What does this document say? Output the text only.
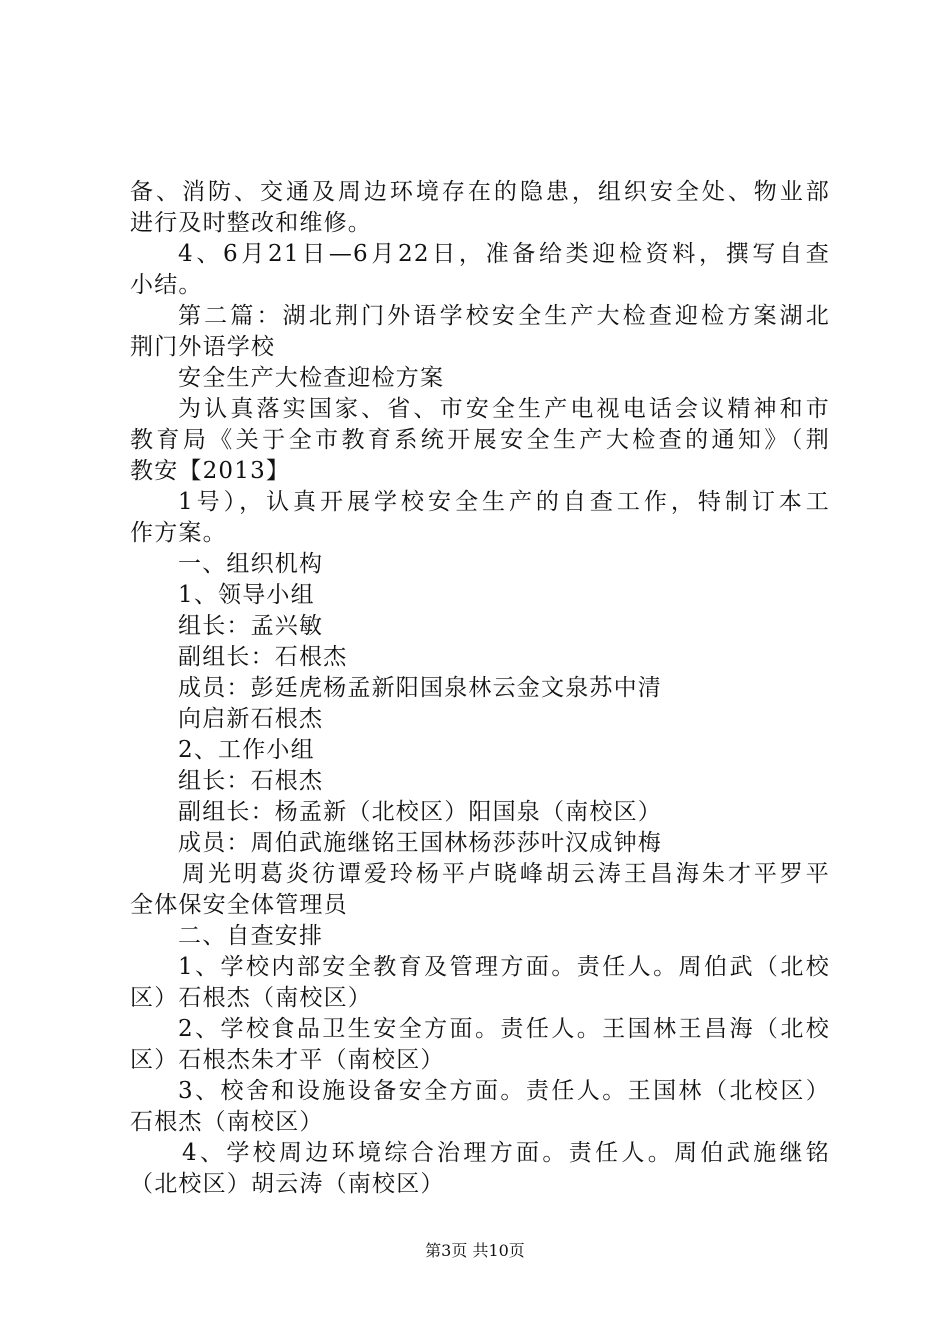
备、消防、交通及周边环境存在的隐患，组织安全处、物业部
进行及时整改和维修。
4、6月21日—6月22日，准备给类迎检资料，撰写自查
小结。
第二篇：湖北荆门外语学校安全生产大检查迎检方案湖北
荆门外语学校
安全生产大检查迎检方案
为认真落实国家、省、市安全生产电视电话会议精神和市
教育局《关于全市教育系统开展安全生产大检查的通知》（荆
教安【2013】
1号），认真开展学校安全生产的自查工作，特制订本工
作方案。
一、组织机构
1、领导小组
组长：孟兴敏
副组长：石根杰
成员：彭廷虎杨孟新阳国泉林云金文泉苏中清
向启新石根杰
2、工作小组
组长：石根杰
副组长：杨孟新（北校区）阳国泉（南校区）
成员：周伯武施继铭王国林杨莎莎叶汉成钟梅
周光明葛炎彷谭爱玲杨平卢晓峰胡云涛王昌海朱才平罗平
全体保安全体管理员
二、自查安排
1、学校内部安全教育及管理方面。责任人。周伯武（北校
区）石根杰（南校区）
2、学校食品卫生安全方面。责任人。王国林王昌海（北校
区）石根杰朱才平（南校区）
3、校舍和设施设备安全方面。责任人。王国林（北校区）
石根杰（南校区）
4、学校周边环境综合治理方面。责任人。周伯武施继铭
（北校区）胡云涛（南校区）
第3页 共10页
